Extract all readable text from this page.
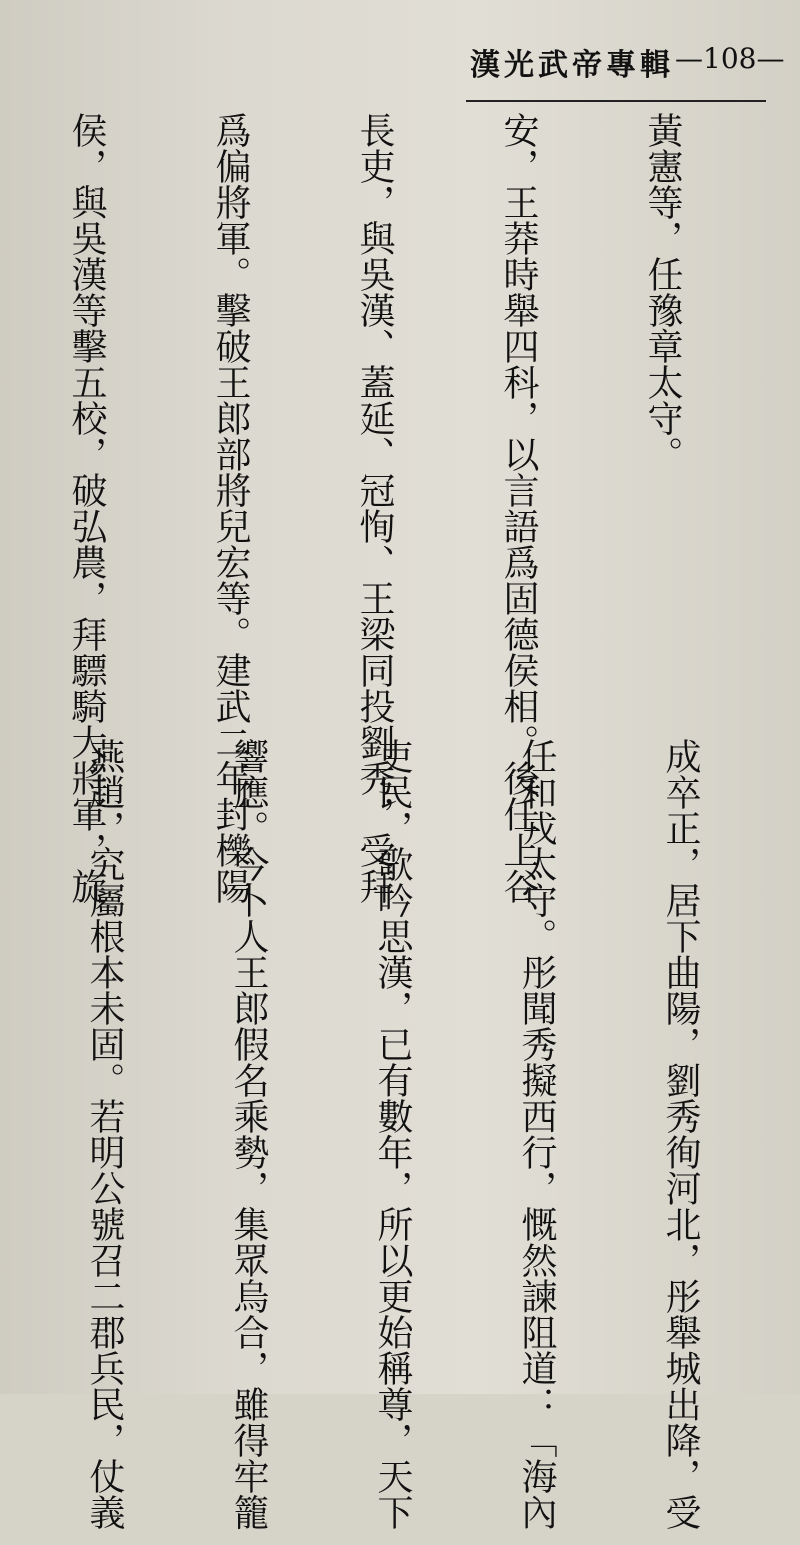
漢光武帝專輯 —108—

黃憲等，任豫章太守。

安，王莽時舉四科，以言語爲固德侯相。後任上谷

長吏，與吳漢、蓋延、冠恂、王梁同投劉秀，受拜

爲偏將軍。擊破王郎部將兒宏等。建武二年封櫟陽

侯，與吳漢等擊五校，破弘農，拜驃騎大將軍，旋

成卒正，居下曲陽，劉秀徇河北，彤舉城出降，受

任和戎太守。彤聞秀擬西行，慨然諫阻道：「海內

吏民，歌吟思漢，已有數年，所以更始稱尊，天下

響應。今卜人王郎假名乘勢，集眾烏合，雖得牢籠

燕趙，究屬根本未固。若明公號召二郡兵民，仗義
